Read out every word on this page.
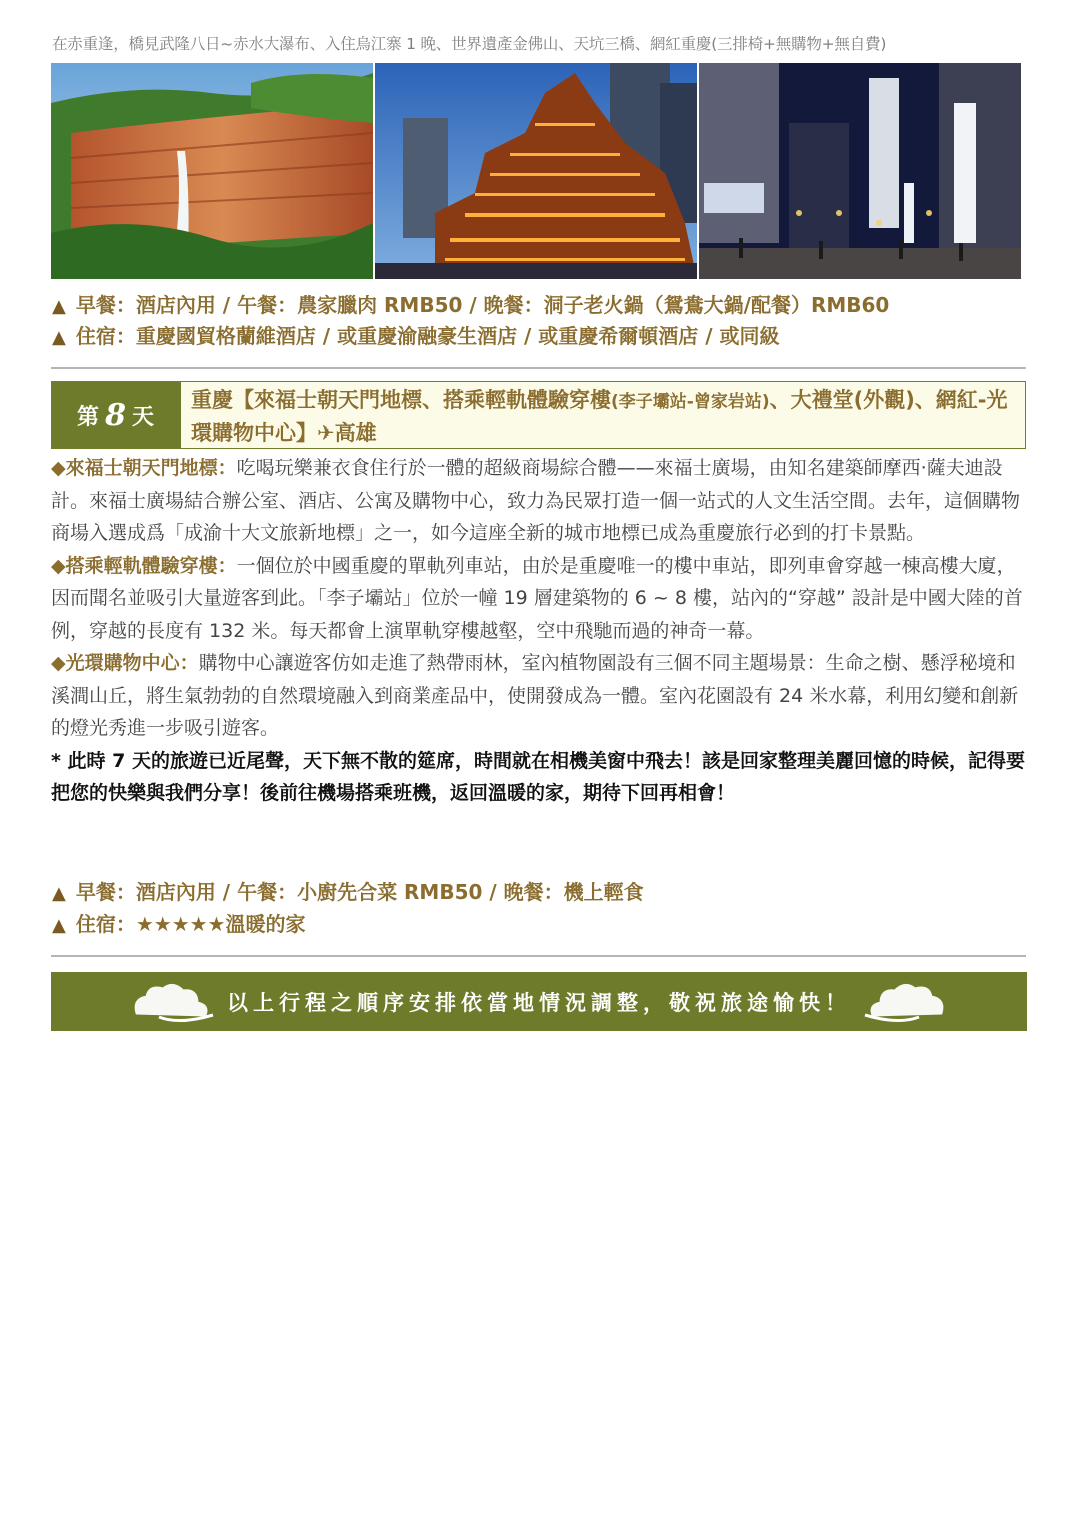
在赤重逢，橋見武隆八日~赤水大瀑布、入住烏江寨 1 晚、世界遺產金佛山、天坑三橋、網紅重慶(三排椅+無購物+無自費)
▲ 早餐：酒店內用 / 午餐：農家臘肉 RMB50 / 晚餐：洞子老火鍋（鴛鴦大鍋/配餐）RMB60
▲ 住宿：重慶國貿格蘭維酒店 / 或重慶渝融豪生酒店 / 或重慶希爾頓酒店 / 或同級
第 8 天
重慶【來福士朝天門地標、搭乘輕軌體驗穿樓(李子壩站-曾家岩站)、大禮堂(外觀)、網紅-光環購物中心】✈高雄

◆來福士朝天門地標：吃喝玩樂兼衣食住行於一體的超級商場綜合體——來福士廣場，由知名建築師摩西·薩夫迪設計。來福士廣場結合辦公室、酒店、公寓及購物中心，致力為民眾打造一個一站式的人文生活空間。去年，這個購物商場入選成爲「成渝十大文旅新地標」之一，如今這座全新的城市地標已成為重慶旅行必到的打卡景點。

◆搭乘輕軌體驗穿樓：一個位於中國重慶的單軌列車站，由於是重慶唯一的樓中車站，即列車會穿越一棟高樓大廈，因而聞名並吸引大量遊客到此。「李子壩站」位於一幢 19 層建築物的 6 ~ 8 樓，站內的“穿越” 設計是中國大陸的首例，穿越的長度有 132 米。每天都會上演單軌穿樓越壑，空中飛馳而過的神奇一幕。

◆光環購物中心：購物中心讓遊客仿如走進了熱帶雨林，室內植物園設有三個不同主題場景：生命之樹、懸浮秘境和溪澗山丘，將生氣勃勃的自然環境融入到商業產品中，使開發成為一體。室內花園設有 24 米水幕，利用幻變和創新的燈光秀進一步吸引遊客。

* 此時 7 天的旅遊已近尾聲，天下無不散的筵席，時間就在相機美窗中飛去！該是回家整理美麗回憶的時候，記得要把您的快樂與我們分享！後前往機場搭乘班機，返回溫暖的家，期待下回再相會！

▲ 早餐：酒店內用 / 午餐：小廚先合菜 RMB50 / 晚餐：機上輕食
▲ 住宿：★★★★★溫暖的家
以上行程之順序安排依當地情況調整，敬祝旅途愉快！
